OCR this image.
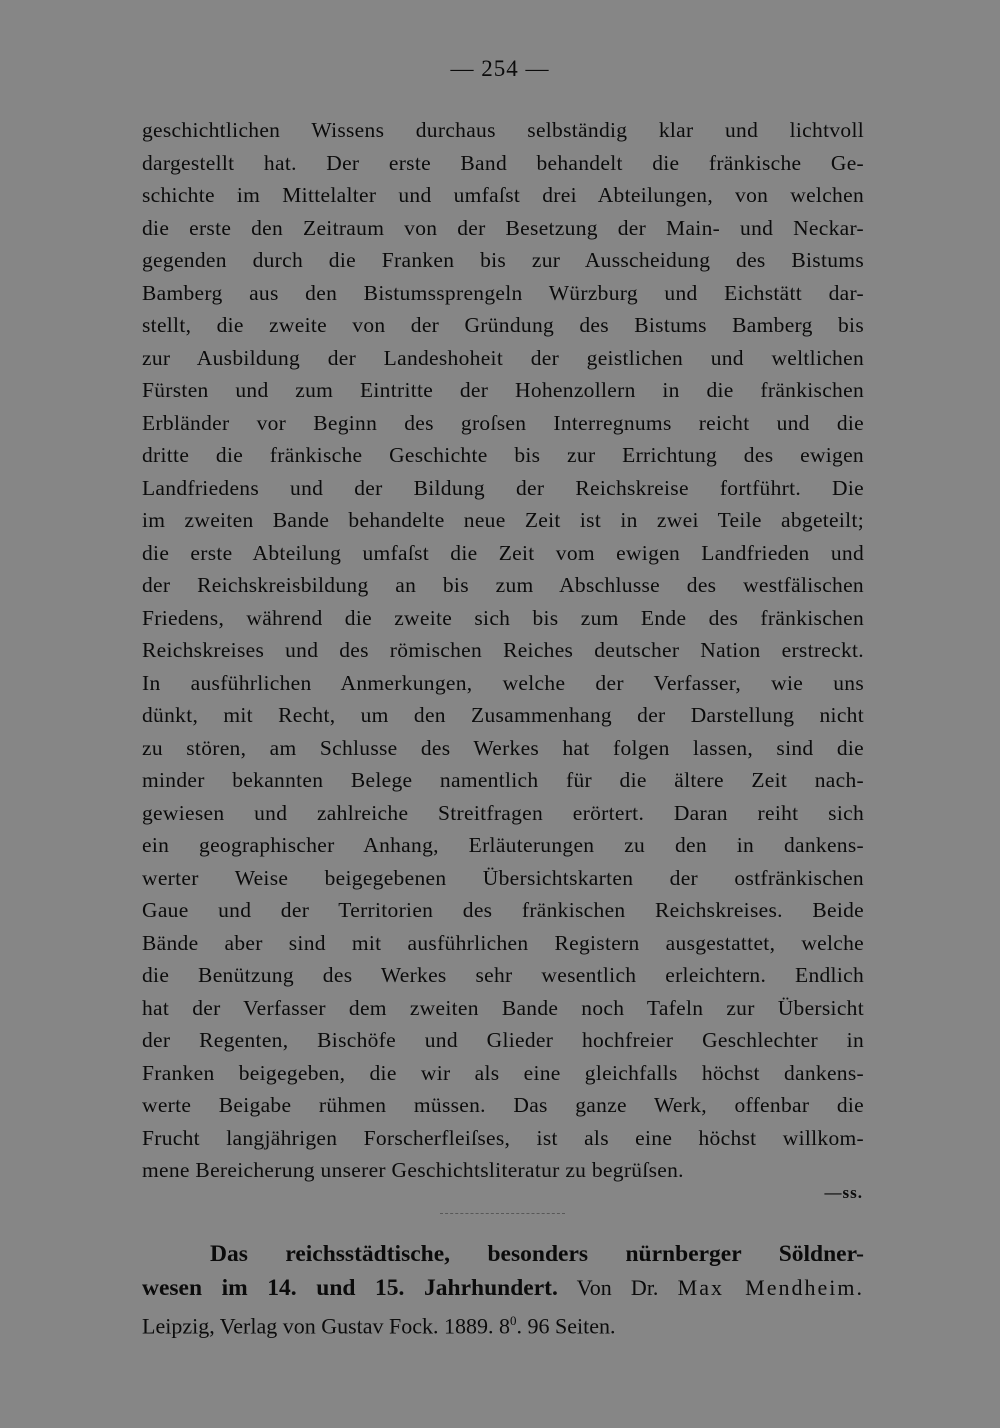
— 254 —
geschichtlichen Wissens durchaus selbständig klar und lichtvoll
dargestellt hat. Der erste Band behandelt die fränkische Ge-
schichte im Mittelalter und umfaſst drei Abteilungen, von welchen
die erste den Zeitraum von der Besetzung der Main- und Neckar-
gegenden durch die Franken bis zur Ausscheidung des Bistums
Bamberg aus den Bistumssprengeln Würzburg und Eichstätt dar-
stellt, die zweite von der Gründung des Bistums Bamberg bis
zur Ausbildung der Landeshoheit der geistlichen und weltlichen
Fürsten und zum Eintritte der Hohenzollern in die fränkischen
Erbländer vor Beginn des groſsen Interregnums reicht und die
dritte die fränkische Geschichte bis zur Errichtung des ewigen
Landfriedens und der Bildung der Reichskreise fortführt. Die
im zweiten Bande behandelte neue Zeit ist in zwei Teile abgeteilt;
die erste Abteilung umfaſst die Zeit vom ewigen Landfrieden und
der Reichskreisbildung an bis zum Abschlusse des westfälischen
Friedens, während die zweite sich bis zum Ende des fränkischen
Reichskreises und des römischen Reiches deutscher Nation erstreckt.
In ausführlichen Anmerkungen, welche der Verfasser, wie uns
dünkt, mit Recht, um den Zusammenhang der Darstellung nicht
zu stören, am Schlusse des Werkes hat folgen lassen, sind die
minder bekannten Belege namentlich für die ältere Zeit nach-
gewiesen und zahlreiche Streitfragen erörtert. Daran reiht sich
ein geographischer Anhang, Erläuterungen zu den in dankens-
werter Weise beigegebenen Übersichtskarten der ostfränkischen
Gaue und der Territorien des fränkischen Reichskreises. Beide
Bände aber sind mit ausführlichen Registern ausgestattet, welche
die Benützung des Werkes sehr wesentlich erleichtern. Endlich
hat der Verfasser dem zweiten Bande noch Tafeln zur Übersicht
der Regenten, Bischöfe und Glieder hochfreier Geschlechter in
Franken beigegeben, die wir als eine gleichfalls höchst dankens-
werte Beigabe rühmen müssen. Das ganze Werk, offenbar die
Frucht langjährigen Forscherfleiſses, ist als eine höchst willkom-
mene Bereicherung unserer Geschichtsliteratur zu begrüſsen.
—ss.
Das reichsstädtische, besonders nürnberger Söldner-
wesen im 14. und 15. Jahrhundert. Von Dr. Max Mendheim.
Leipzig, Verlag von Gustav Fock. 1889. $8^0$. 96 Seiten.
